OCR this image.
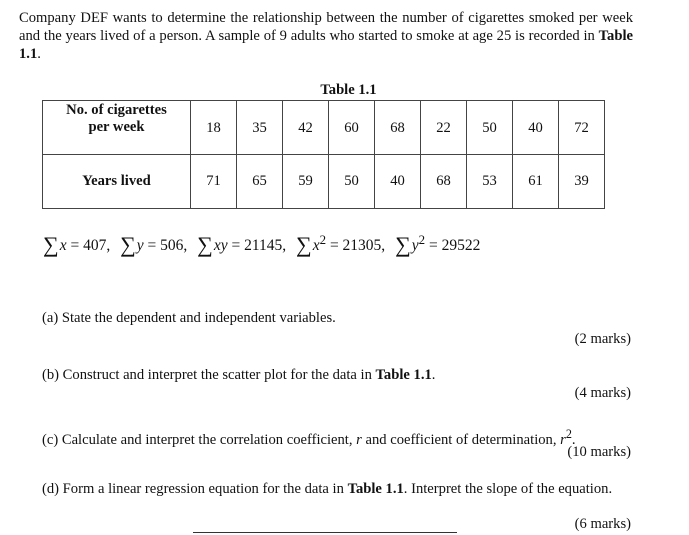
Company DEF wants to determine the relationship between the number of cigarettes smoked per week and the years lived of a person. A sample of 9 adults who started to smoke at age 25 is recorded in Table 1.1.
Table 1.1
No. of cigarettes
per week	18	35	42	60	68	22	50	40	72
Years lived	71	65	59	50	40	68	53	61	39
∑x = 407, ∑y = 506, ∑xy = 21145, $\sum x^2 = 21305$, $\sum y^2 = 29522$
(a) State the dependent and independent variables.
(2 marks)
(b) Construct and interpret the scatter plot for the data in Table 1.1.
(4 marks)
(c) Calculate and interpret the correlation coefficient, r and coefficient of determination, $r^2$.
(10 marks)
(d) Form a linear regression equation for the data in Table 1.1. Interpret the slope of the equation.
(6 marks)
